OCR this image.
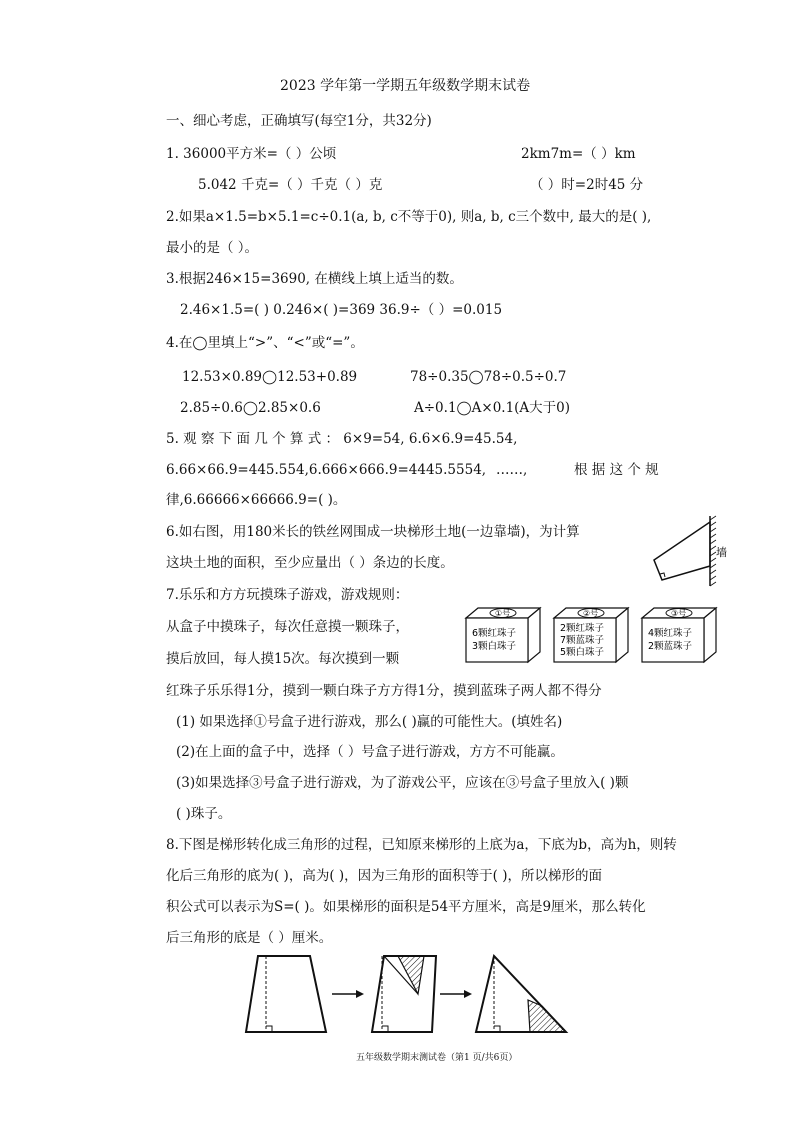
2023 学年第一学期五年级数学期末试卷
一、细心考虑，正确填写(每空1分，共32分)
1. 36000平方米=（ ）公顷	2km7m=（ ）km
5.042 千克=（ ）千克（ ）克	（ ）时=2时45 分
2.如果a×1.5=b×5.1=c÷0.1(a, b, c不等于0), 则a, b, c三个数中, 最大的是( ),
最小的是（ ）。
3.根据246×15=3690, 在横线上填上适当的数。
2.46×1.5=( ) 0.246×( )=369 36.9÷（ ）=0.015
4.在◯里填上“>”、“<”或“=”。
12.53×0.89◯12.53+0.89	78÷0.35◯78÷0.5÷0.7
2.85÷0.6◯2.85×0.6	A÷0.1◯A×0.1(A大于0)
5. 观 察 下 面 几 个 算 式 ： 6×9=54, 6.6×6.9=45.54,
6.66×66.9=445.554,6.666×666.9=4445.5554, ……,	根 据 这 个 规
律,6.66666×66666.9=( )。
6.如右图，用180米长的铁丝网围成一块梯形土地(一边靠墙)，为计算
这块土地的面积，至少应量出（ ）条边的长度。
墙
7.乐乐和方方玩摸珠子游戏，游戏规则：
从盒子中摸珠子，每次任意摸一颗珠子，
摸后放回，每人摸15次。每次摸到一颗
红珠子乐乐得1分，摸到一颗白珠子方方得1分，摸到蓝珠子两人都不得分
(1) 如果选择①号盒子进行游戏，那么( )赢的可能性大。(填姓名)
(2)在上面的盒子中，选择（ ）号盒子进行游戏，方方不可能赢。
(3)如果选择③号盒子进行游戏，为了游戏公平，应该在③号盒子里放入( )颗
( )珠子。
①号
6颗红珠子
3颗白珠子
②号
2颗红珠子
7颗蓝珠子
5颗白珠子
③号
4颗红珠子
2颗蓝珠子
8.下图是梯形转化成三角形的过程，已知原来梯形的上底为a，下底为b，高为h，则转
化后三角形的底为( )，高为( )，因为三角形的面积等于( )，所以梯形的面
积公式可以表示为S=( )。如果梯形的面积是54平方厘米，高是9厘米，那么转化
后三角形的底是（ ）厘米。
五年级数学期末测试卷（第1 页/共6页）
